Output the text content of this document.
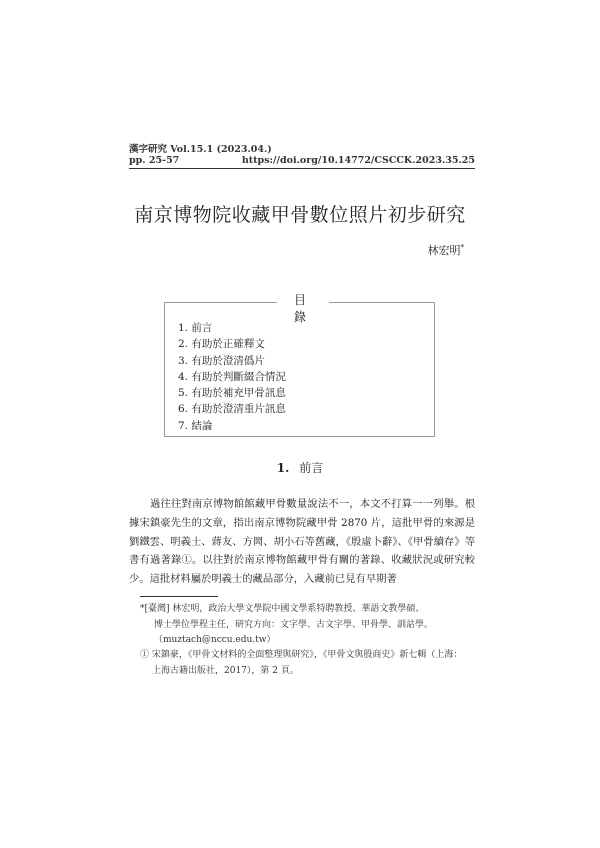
漢字研究 Vol.15.1 (2023.04.)
pp. 25-57	https://doi.org/10.14772/CSCCK.2023.35.25
南京博物院收藏甲骨數位照片初步研究
林宏明*
目 錄
1. 前言
2. 有助於正確釋文
3. 有助於澄清僞片
4. 有助於判斷綴合情況
5. 有助於補充甲骨訊息
6. 有助於澄清重片訊息
7. 結論
1. 前言

過往往對南京博物館館藏甲骨數量說法不一，本文不打算一一列舉。根據宋鎮豪先生的文章，指出南京博物院藏甲骨 2870 片，這批甲骨的來源是劉鐵雲、明義士、蔣友、方岡、胡小石等舊藏，《殷虛卜辭》、《甲骨續存》等書有過著錄①。以往對於南京博物館藏甲骨有關的著錄、收藏狀況或研究較少。這批材料屬於明義士的藏品部分，入藏前已見有早期著

*[臺灣] 林宏明，政治大學文學院中國文學系特聘教授、華語文教學碩、
博士學位學程主任，研究方向：文字學、古文字學、甲骨學、訓詁學。
（muztach@nccu.edu.tw）
① 宋鎮豪，《甲骨文材料的全面整理與研究》，《甲骨文與殷商史》新七輯（上海：
上海古籍出版社，2017），第 2 頁。
